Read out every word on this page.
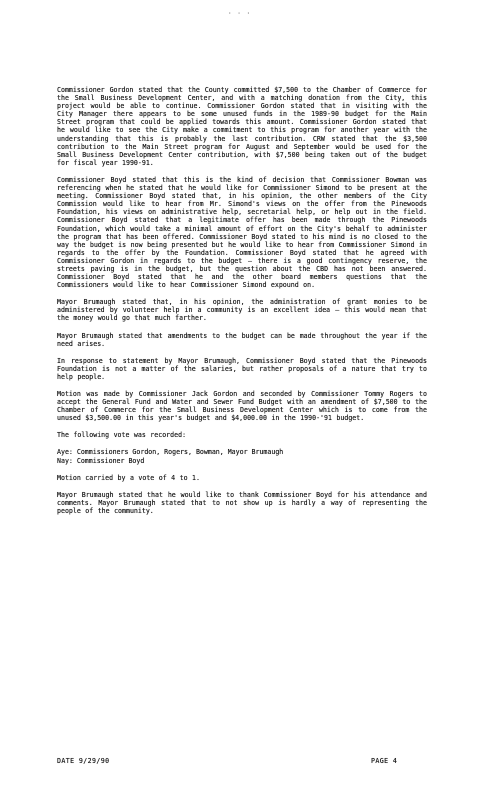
· · ·

Commissioner Gordon stated that the County committed $7,500 to the Chamber of Commerce for the Small Business Development Center, and with a matching donation from the City, this project would be able to continue. Commissioner Gordon stated that in visiting with the City Manager there appears to be some unused funds in the 1989-90 budget for the Main Street program that could be applied towards this amount. Commissioner Gordon stated that he would like to see the City make a commitment to this program for another year with the understanding that this is probably the last contribution. CRW stated that the $3,500 contribution to the Main Street program for August and September would be used for the Small Business Development Center contribution, with $7,500 being taken out of the budget for fiscal year 1990-91.

Commissioner Boyd stated that this is the kind of decision that Commissioner Bowman was referencing when he stated that he would like for Commissioner Simond to be present at the meeting. Commissioner Boyd stated that, in his opinion, the other members of the City Commission would like to hear from Mr. Simond's views on the offer from the Pinewoods Foundation, his views on administrative help, secretarial help, or help out in the field. Commissioner Boyd stated that a legitimate offer has been made through the Pinewoods Foundation, which would take a minimal amount of effort on the City's behalf to administer the program that has been offered. Commissioner Boyd stated to his mind is no closed to the way the budget is now being presented but he would like to hear from Commissioner Simond in regards to the offer by the Foundation. Commissioner Boyd stated that he agreed with Commissioner Gordon in regards to the budget – there is a good contingency reserve, the streets paving is in the budget, but the question about the CBD has not been answered. Commissioner Boyd stated that he and the other board members questions that the Commissioners would like to hear Commissioner Simond expound on.

Mayor Brumaugh stated that, in his opinion, the administration of grant monies to be administered by volunteer help in a community is an excellent idea – this would mean that the money would go that much farther.

Mayor Brumaugh stated that amendments to the budget can be made throughout the year if the need arises.

In response to statement by Mayor Brumaugh, Commissioner Boyd stated that the Pinewoods Foundation is not a matter of the salaries, but rather proposals of a nature that try to help people.

Motion was made by Commissioner Jack Gordon and seconded by Commissioner Tommy Rogers to accept the General Fund and Water and Sewer Fund Budget with an amendment of $7,500 to the Chamber of Commerce for the Small Business Development Center which is to come from the unused $3,500.00 in this year's budget and $4,000.00 in the 1990-'91 budget.

The following vote was recorded:

Aye: Commissioners Gordon, Rogers, Bowman, Mayor Brumaugh

Nay: Commissioner Boyd

Motion carried by a vote of 4 to 1.

Mayor Brumaugh stated that he would like to thank Commissioner Boyd for his attendance and comments. Mayor Brumaugh stated that to not show up is hardly a way of representing the people of the community.

DATE 9/29/90	PAGE 4
